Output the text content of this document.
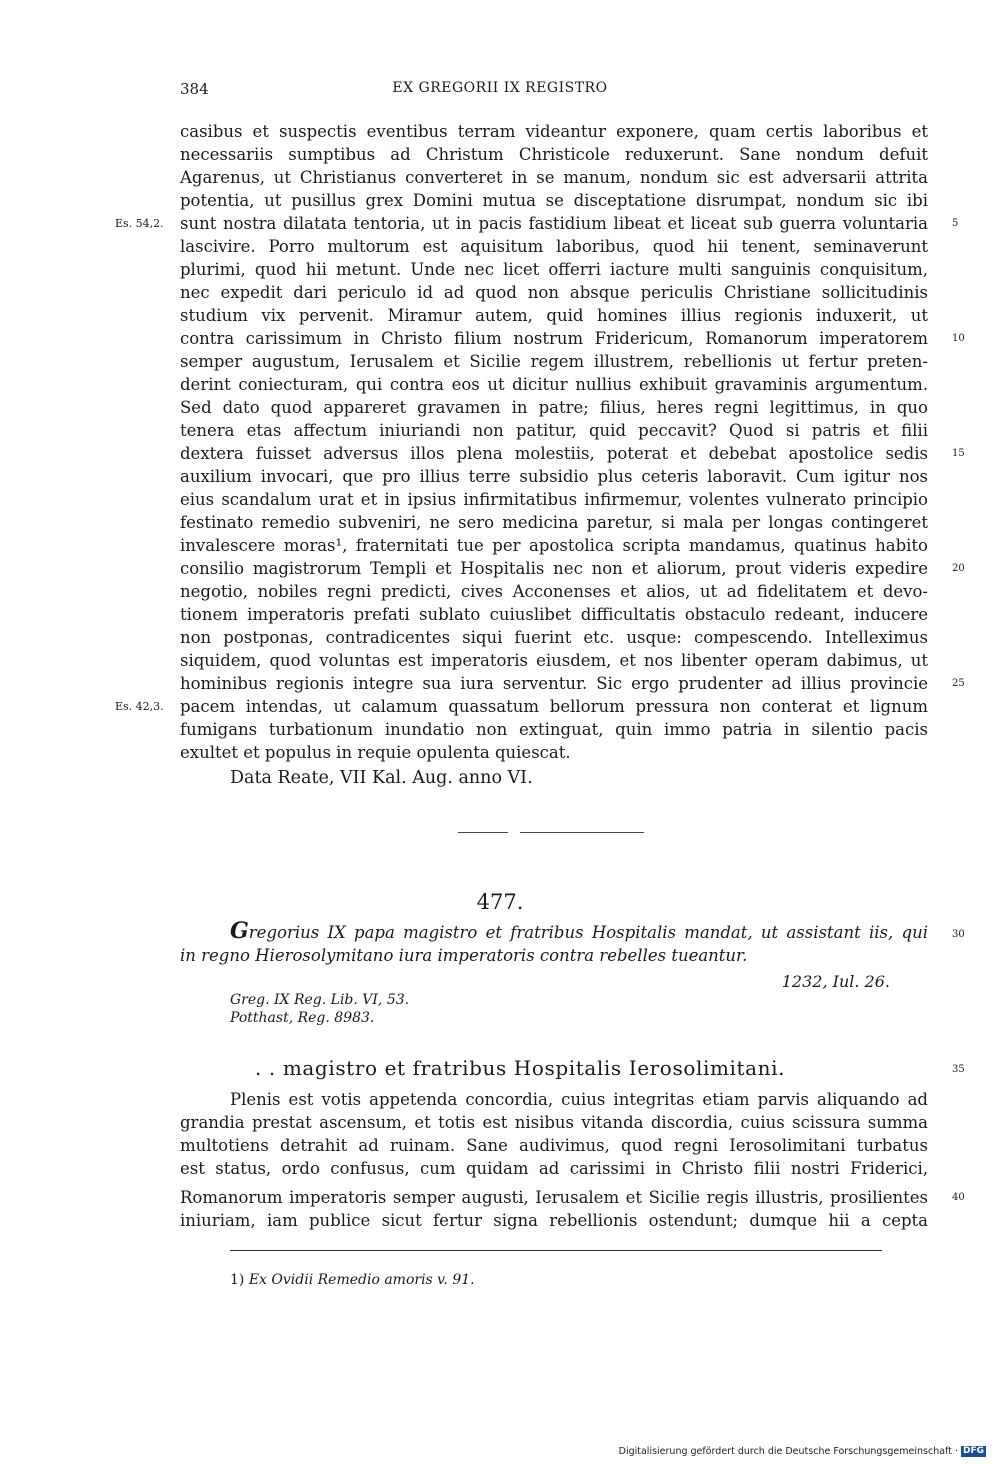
384	EX GREGORII IX REGISTRO
casibus et suspectis eventibus terram videantur exponere, quam certis laboribus et
necessariis sumptibus ad Christum Christicole reduxerunt. Sane nondum defuit
Agarenus, ut Christianus converteret in se manum, nondum sic est adversarii attrita
potentia, ut pusillus grex Domini mutua se disceptatione disrumpat, nondum sic ibi
sunt nostra dilatata tentoria, ut in pacis fastidium libeat et liceat sub guerra voluntaria
lascivire. Porro multorum est aquisitum laboribus, quod hii tenent, seminaverunt
plurimi, quod hii metunt. Unde nec licet offerri iacture multi sanguinis conquisitum,
nec expedit dari periculo id ad quod non absque periculis Christiane sollicitudinis
studium vix pervenit. Miramur autem, quid homines illius regionis induxerit, ut
contra carissimum in Christo filium nostrum Fridericum, Romanorum imperatorem
semper augustum, Ierusalem et Sicilie regem illustrem, rebellionis ut fertur preten-
derint coniecturam, qui contra eos ut dicitur nullius exhibuit gravaminis argumentum.
Sed dato quod appareret gravamen in patre; filius, heres regni legittimus, in quo
tenera etas affectum iniuriandi non patitur, quid peccavit? Quod si patris et filii
dextera fuisset adversus illos plena molestiis, poterat et debebat apostolice sedis
auxilium invocari, que pro illius terre subsidio plus ceteris laboravit. Cum igitur nos
eius scandalum urat et in ipsius infirmitatibus infirmemur, volentes vulnerato principio
festinato remedio subveniri, ne sero medicina paretur, si mala per longas contingeret
invalescere moras¹, fraternitati tue per apostolica scripta mandamus, quatinus habito
consilio magistrorum Templi et Hospitalis nec non et aliorum, prout videris expedire
negotio, nobiles regni predicti, cives Acconenses et alios, ut ad fidelitatem et devo-
tionem imperatoris prefati sublato cuiuslibet difficultatis obstaculo redeant, inducere
non postponas, contradicentes siqui fuerint etc. usque: compescendo. Intelleximus
siquidem, quod voluntas est imperatoris eiusdem, et nos libenter operam dabimus, ut
hominibus regionis integre sua iura serventur. Sic ergo prudenter ad illius provincie
pacem intendas, ut calamum quassatum bellorum pressura non conterat et lignum
fumigans turbationum inundatio non extinguat, quin immo patria in silentio pacis
exultet et populus in requie opulenta quiescat.
Data Reate, VII Kal. Aug. anno VI.
Es. 54,2.
Es. 42,3.
5
10
15
20
25
30
35
40
477.
Gregorius IX papa magistro et fratribus Hospitalis mandat, ut assistant iis, qui
in regno Hierosolymitano iura imperatoris contra rebelles tueantur.
1232, Iul. 26.
Greg. IX Reg. Lib. VI, 53.
Potthast, Reg. 8983.
. . magistro et fratribus Hospitalis Ierosolimitani.
Plenis est votis appetenda concordia, cuius integritas etiam parvis aliquando ad
grandia prestat ascensum, et totis est nisibus vitanda discordia, cuius scissura summa
multotiens detrahit ad ruinam. Sane audivimus, quod regni Ierosolimitani turbatus
est status, ordo confusus, cum quidam ad carissimi in Christo filii nostri Friderici,
Romanorum imperatoris semper augusti, Ierusalem et Sicilie regis illustris, prosilientes
iniuriam, iam publice sicut fertur signa rebellionis ostendunt; dumque hii a cepta
1) Ex Ovidii Remedio amoris v. 91.
Digitalisierung gefördert durch die Deutsche Forschungsgemeinschaft · DFG
